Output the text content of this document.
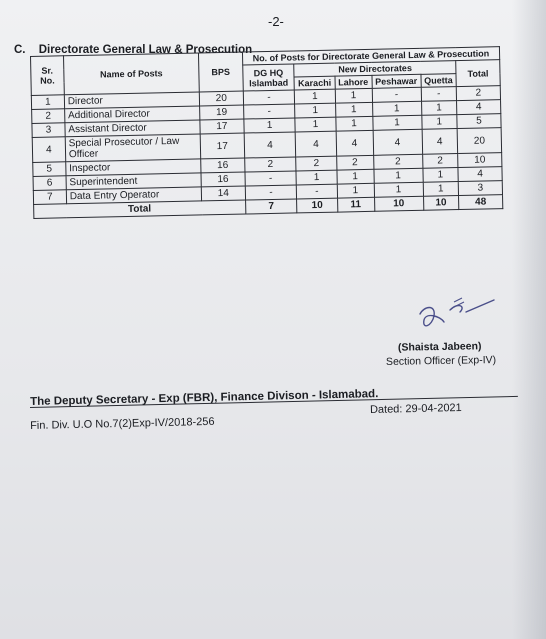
-2-
C. Directorate General Law & Prosecution
Sr. No.	Name of Posts	BPS	No. of Posts for Directorate General Law & Prosecution					
			DG HQ Islambad	New Directorates				Total
				Karachi	Lahore	Peshawar	Quetta	
1	Director	20	-	1	1	-	-	2
2	Additional Director	19	-	1	1	1	1	4
3	Assistant Director	17	1	1	1	1	1	5
4	Special Prosecutor / Law Officer	17	4	4	4	4	4	20
5	Inspector	16	2	2	2	2	2	10
6	Superintendent	16	-	1	1	1	1	4
7	Data Entry Operator	14	-	-	1	1	1	3
Total			7	10	11	10	10	48
(Shaista Jabeen)
Section Officer (Exp-IV)
The Deputy Secretary - Exp (FBR), Finance Divison - Islamabad.
Dated: 29-04-2021
Fin. Div. U.O No.7(2)Exp-IV/2018-256
